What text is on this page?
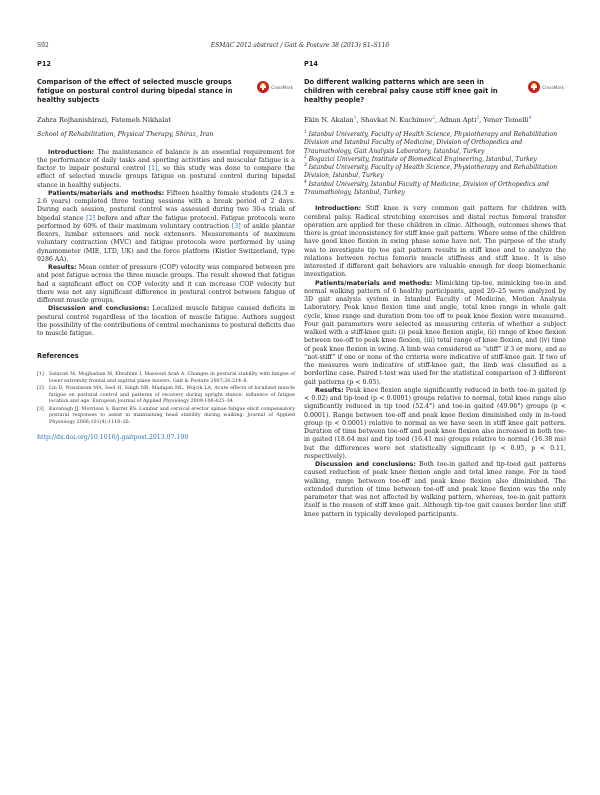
S92	ESMAC 2012 abstract / Gait & Posture 38 (2013) S1–S116
P12

Comparison of the effect of selected muscle groups fatigue on postural control during bipedal stance in healthy subjects

CrossMark

Zahra Rojhanishirazi, Fatemeh Nikhalat

School of Rehabilitation, Physical Therapy, Shiraz, Iran

Introduction: The maintenance of balance is an essential requirement for the performance of daily tasks and sporting activities and muscular fatigue is a factor to impair postural control [1], so this study was done to compare the effect of selected muscle groups fatigue on postural control during bipedal stance in healthy subjects.

Patients/materials and methods: Fifteen healthy female students (24.3 ± 2.6 years) completed three testing sessions with a break period of 2 days. During each session, postural control was assessed during two 30-s trials of bipedal stance [2] before and after the fatigue protocol. Fatigue protocols were performed by 60% of their maximum voluntary contraction [3] of ankle plantar flexors, lumbar extensors and neck extensors. Measurements of maximum voluntary contraction (MVC) and fatigue protocols were performed by using dynamometer (MIE, LTD, UK) and the force platform (Kistler Switzerland, type 9286 AA).

Results: Mean center of pressure (COP) velocity was compared between pre and post fatigue across the three muscle groups. The result showed that fatigue had a significant effect on COP velocity and it can increase COP velocity but there was not any significant difference in postural control between fatigue of different muscle groups.

Discussion and conclusions: Localized muscle fatigue caused deficits in postural control regardless of the location of muscle fatigue. Authors suggest the possibility of the contributions of central mechanisms to postural deficits due to muscle fatigue.

References
[1]	Salavati M, Moghadam M, Ebrahimi I, Massoud Arab A. Changes in postural stability with fatigue of lower extremity frontal and sagittal plane movers. Gait & Posture 2007;26:214–8.
[2]	Lin D, Nussbaum MA, Seol H, Singh NB, Madigan ML, Wojcik LA. Acute effects of localized muscle fatigue on postural control and patterns of recovery during upright stance: influence of fatigue location and age. European Journal of Applied Physiology 2009;106:425–34.
[3]	Kavanagh JJ, Morrison S, Barret RS. Lumbar and cervical erector spinae fatigue elicit compensatory postural responses to assist in maintaining head stability during walking. Journal of Applied Physiology 2006;101(4):1118–26.
http://dx.doi.org/10.1016/j.gaitpost.2013.07.190
P14

Do different walking patterns which are seen in children with cerebral palsy cause stiff knee gait in healthy people?

CrossMark

Ekin N. Akalan$^1$, Shavkat N. Kuchimov$^2$, Adnan Apti$^3$, Yener Temelli$^4$

$^1$ Istanbul University, Faculty of Health Science, Physiotherapy and Rehabilitation Division and Istanbul Faculty of Medicine, Division of Orthopedics and Traumathology, Gait Analysis Laboratory, Istanbul, Turkey
$^2$ Bogazici University, Institute of Biomedical Engineering, Istanbul, Turkey
$^3$ Istanbul University, Faculty of Health Science, Physiotherapy and Rehabilitation Division, Istanbul, Turkey
$^4$ Istanbul University, Istanbul Faculty of Medicine, Division of Orthopedics and Traumathology, Istanbul, Turkey

Introduction: Stiff knee is very common gait pattern for children with cerebral palsy. Radical stretching exercises and distal rectus femoral transfer operation are applied for these children in clinic. Although, outcomes shows that there is great inconsistency for stiff knee gait pattern. Where some of the children have good knee flexion in swing phase some have not. The purpose of the study was to investigate tip toe gait pattern results in stiff knee and to analyze the relations between rectus femoris muscle stiffness and stiff knee. It is also interested if different gait behaviors are valuable enough for deep biomechanic investigation.

Patients/materials and methods: Mimicking tip-toe, mimicking toe-in and normal walking pattern of 6 healthy participants, aged 20–25 were analyzed by 3D gait analysis system in Istanbul Faculty of Medicine, Motion Analysis Laboratory. Peak knee flexion time and angle, total knee range in whole gait cycle, knee range and duration from toe off to peak knee flexion were measured. Four gait parameters were selected as measuring criteria of whether a subject walked with a stiff-knee gait: (i) peak knee flexion angle, (ii) range of knee flexion between toe-off to peak knee flexion, (iii) total range of knee flexion, and (iv) time of peak knee flexion in swing. A limb was considered as “stiff” if 3 or more, and as “not-stiff” if one or none of the criteria were indicative of stiff-knee gait. If two of the measures were indicative of stiff-knee gait, the limb was classified as a borderline case. Paired t-test was used for the statistical comparison of 3 different gait patterns (p < 0.05).

Results: Peak knee flexion angle significantly reduced in both toe-in gaited (p < 0.02) and tip-toed (p < 0.0001) groups relative to normal, total knee range also significantly reduced in tip toed (52.4°) and toe-in gaited (49.96°) groups (p < 0.0001). Range between toe-off and peak knee flexion diminished only in in-toed group (p < 0.0001) relative to normal as we have seen in stiff knee gait pattern. Duration of time between toe-off and peak knee flexion also increased in both toe-in gaited (18.64 ms) and tip toed (16.41 ms) groups relative to normal (16.38 ms) but the differences were not statistically significant (p < 0.95, p < 0.11, respectively).

Discussion and conclusions: Both toe-in gaited and tip-toed gait patterns caused reduction of peak knee flexion angle and total knee range. For in toed walking, range between toe-off and peak knee flexion also diminished. The extended duration of time between toe-off and peak knee flexion was the only parameter that was not affected by walking pattern, whereas, toe-in gait pattern itself is the reason of stiff knee gait. Although tip-toe gait causes border line stiff knee pattern in typically developed participants.
